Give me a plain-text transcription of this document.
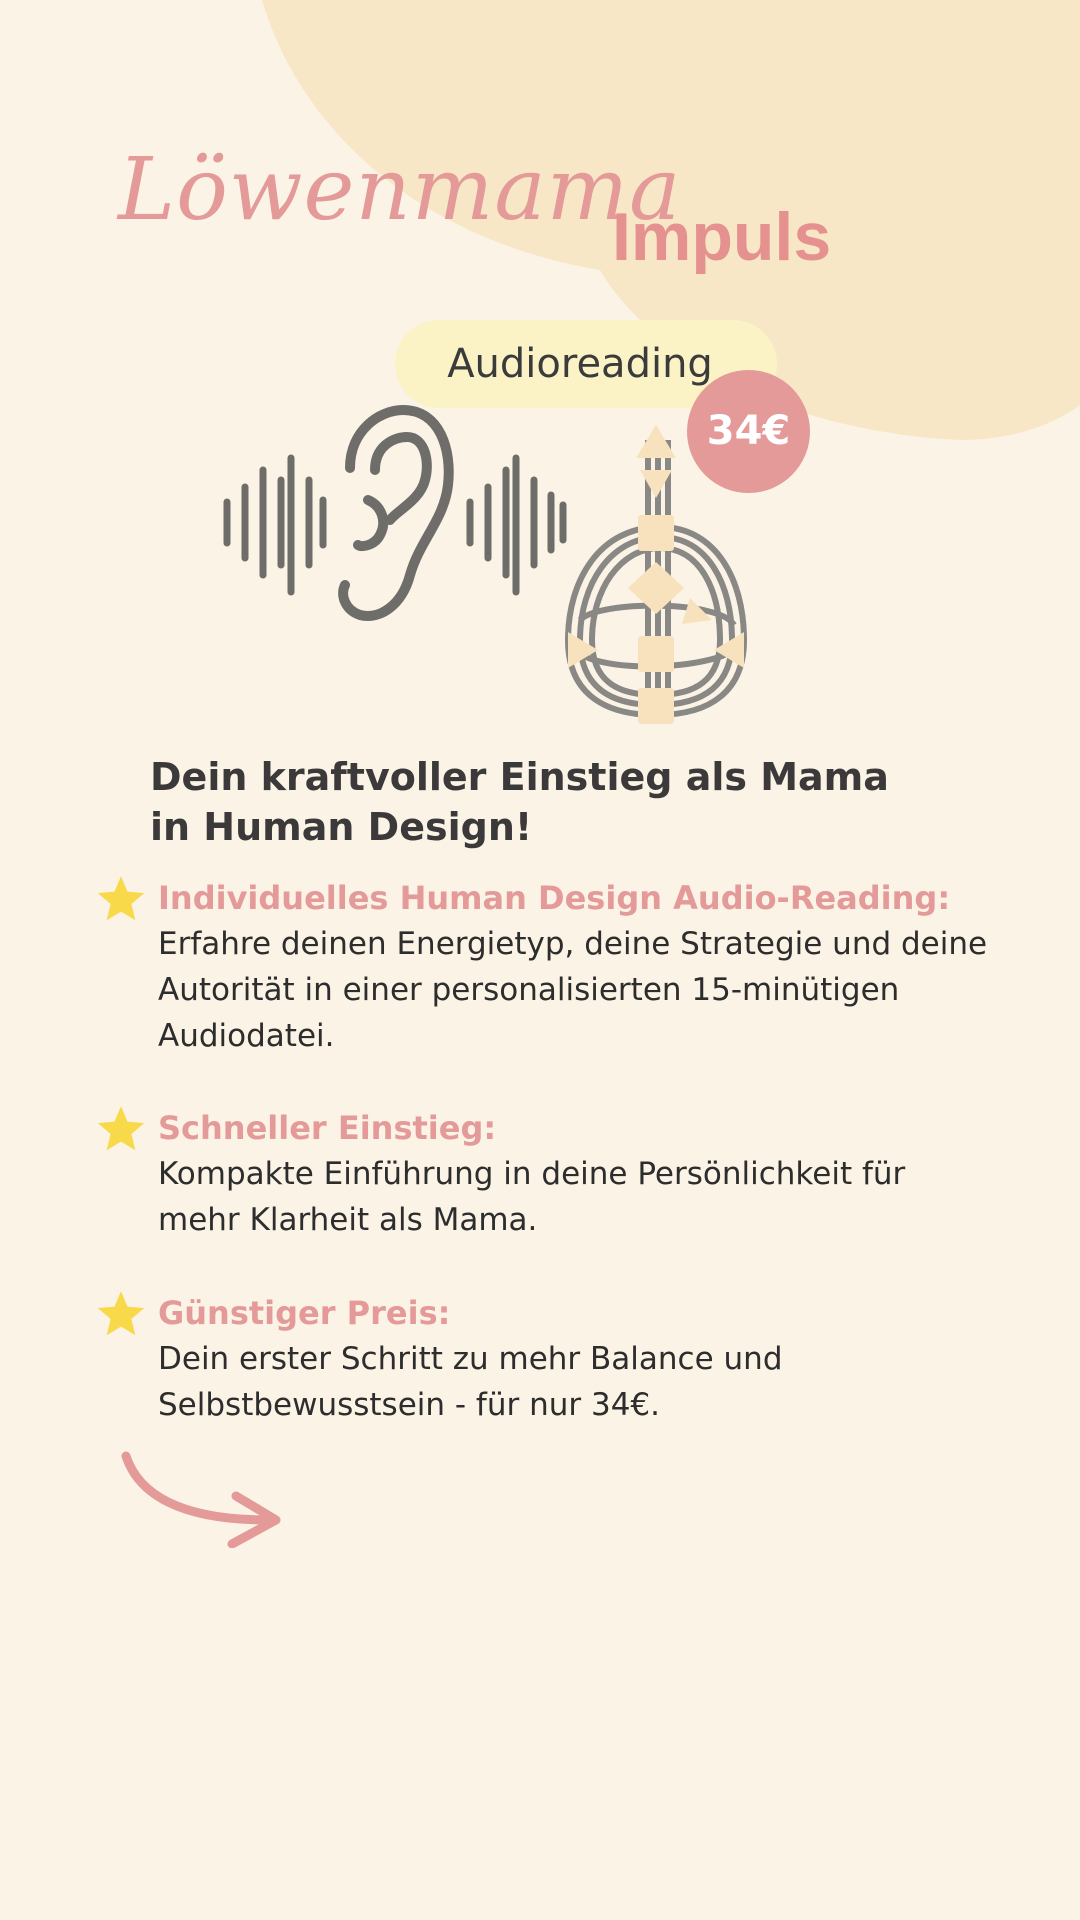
Löwenmama
Impuls
Audioreading
34€
Dein kraftvoller Einstieg als Mama in Human Design!
Individuelles Human Design Audio-Reading:
Erfahre deinen Energietyp, deine Strategie und deine Autorität in einer personalisierten 15-minütigen Audiodatei.
Schneller Einstieg:
Kompakte Einführung in deine Persönlichkeit für mehr Klarheit als Mama.
Günstiger Preis:
Dein erster Schritt zu mehr Balance und Selbstbewusstsein - für nur 34€.
